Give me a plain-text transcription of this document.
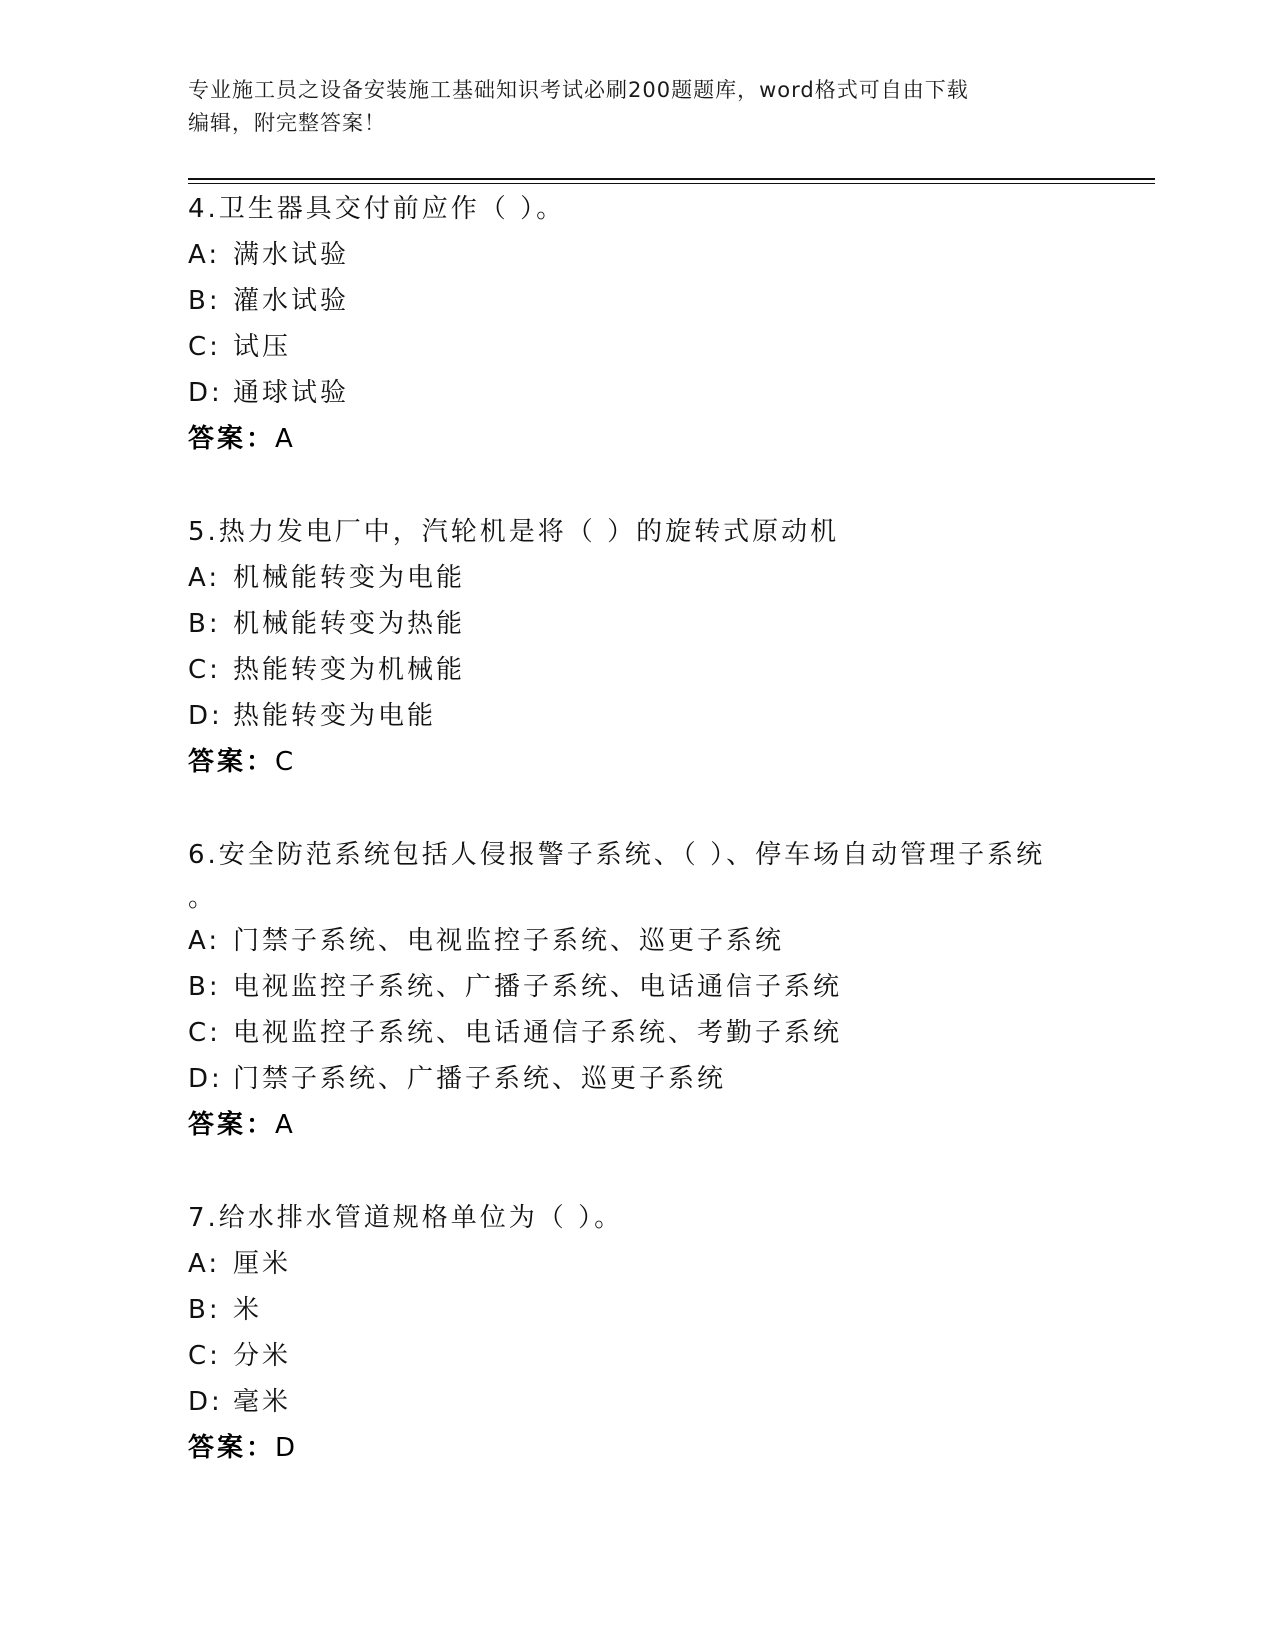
专业施工员之设备安装施工基础知识考试必刷200题题库，word格式可自由下载
编辑，附完整答案！

4.卫生器具交付前应作（ ）。

A: 满水试验
B: 灌水试验
C: 试压
D: 通球试验

答案：A

5.热力发电厂中，汽轮机是将（ ）的旋转式原动机

A: 机械能转变为电能
B: 机械能转变为热能
C: 热能转变为机械能
D: 热能转变为电能

答案：C

6.安全防范系统包括人侵报警子系统、（ ）、停车场自动管理子系统

。

A: 门禁子系统、电视监控子系统、巡更子系统
B: 电视监控子系统、广播子系统、电话通信子系统
C: 电视监控子系统、电话通信子系统、考勤子系统
D: 门禁子系统、广播子系统、巡更子系统

答案：A

7.给水排水管道规格单位为（ ）。

A: 厘米
B: 米
C: 分米
D: 毫米

答案：D
